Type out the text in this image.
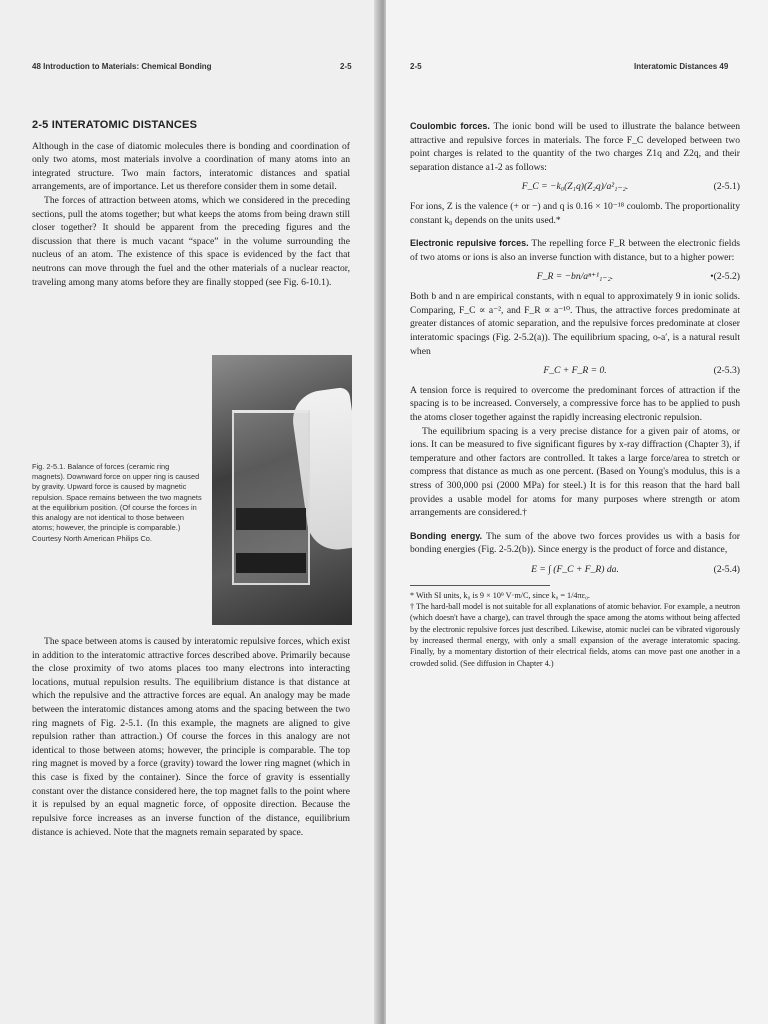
48 Introduction to Materials: Chemical Bonding	2-5
2-5 INTERATOMIC DISTANCES

Although in the case of diatomic molecules there is bonding and coordination of only two atoms, most materials involve a coordination of many atoms into an integrated structure. Two main factors, interatomic distances and spatial arrangements, are of importance. Let us therefore consider them in some detail.

The forces of attraction between atoms, which we considered in the preceding sections, pull the atoms together; but what keeps the atoms from being drawn still closer together? It should be apparent from the preceding figures and the discussion that there is much vacant “space” in the volume surrounding the nucleus of an atom. The existence of this space is evidenced by the fact that neutrons can move through the fuel and the other materials of a nuclear reactor, traveling among many atoms before they are finally stopped (see Fig. 6-10.1).

Fig. 2-5.1. Balance of forces (ceramic ring magnets). Downward force on upper ring is caused by gravity. Upward force is caused by magnetic repulsion. Space remains between the two magnets at the equilibrium position. (Of course the forces in this analogy are not identical to those between atoms; however, the principle is comparable.) Courtesy North American Philips Co.

The space between atoms is caused by interatomic repulsive forces, which exist in addition to the interatomic attractive forces described above. Primarily because the close proximity of two atoms places too many electrons into interacting locations, mutual repulsion results. The equilibrium distance is that distance at which the repulsive and the attractive forces are equal. An analogy may be made between the interatomic distances among atoms and the spacing between the two ring magnets of Fig. 2-5.1. (In this example, the magnets are aligned to give repulsion rather than attraction.) Of course the forces in this analogy are not identical to those between atoms; however, the principle is comparable. The top ring magnet is moved by a force (gravity) toward the lower ring magnet (which in this case is fixed by the container). Since the force of gravity is essentially constant over the distance considered here, the top magnet falls to the point where it is repulsed by an equal magnetic force, of opposite direction. Because the repulsive force increases as an inverse function of the distance, equilibrium distance is achieved. Note that the magnets remain separated by space.

2-5	Interatomic Distances 49

Coulombic forces. The ionic bond will be used to illustrate the balance between attractive and repulsive forces in materials. The force F_C developed between two point charges is related to the quantity of the two charges Z1q and Z2q, and their separation distance a1-2 as follows:

F_C = −k₀(Z₁q)(Z₂q)/a²₁₋₂.	(2-5.1)

For ions, Z is the valence (+ or −) and q is 0.16 × 10⁻¹⁸ coulomb. The proportionality constant k₀ depends on the units used.*

Electronic repulsive forces. The repelling force F_R between the electronic fields of two atoms or ions is also an inverse function with distance, but to a higher power:

F_R = −bn/aⁿ⁺¹₁₋₂.	•(2-5.2)

Both b and n are empirical constants, with n equal to approximately 9 in ionic solids. Comparing, F_C ∝ a⁻², and F_R ∝ a⁻¹⁰. Thus, the attractive forces predominate at greater distances of atomic separation, and the repulsive forces predominate at closer interatomic spacings (Fig. 2-5.2(a)). The equilibrium spacing, o-a′, is a natural result when

F_C + F_R = 0.	(2-5.3)

A tension force is required to overcome the predominant forces of attraction if the spacing is to be increased. Conversely, a compressive force has to be applied to push the atoms closer together against the rapidly increasing electronic repulsion.

The equilibrium spacing is a very precise distance for a given pair of atoms, or ions. It can be measured to five significant figures by x-ray diffraction (Chapter 3), if temperature and other factors are controlled. It takes a large force/area to stretch or compress that distance as much as one percent. (Based on Young's modulus, this is a stress of 300,000 psi (2000 MPa) for steel.) It is for this reason that the hard ball provides a usable model for atoms for many purposes where strength or atom arrangements are considered.†

Bonding energy. The sum of the above two forces provides us with a basis for bonding energies (Fig. 2-5.2(b)). Since energy is the product of force and distance,

E = ∫ (F_C + F_R) da.	(2-5.4)

* With SI units, k₀ is 9 × 10⁹ V·m/C, since k₀ = 1/4πε₀.

† The hard-ball model is not suitable for all explanations of atomic behavior. For example, a neutron (which doesn't have a charge), can travel through the space among the atoms without being affected by the electronic repulsive forces just described. Likewise, atomic nuclei can be vibrated vigorously by increased thermal energy, with only a small expansion of the average interatomic spacing. Finally, by a momentary distortion of their electrical fields, atoms can move past one another in a crowded solid. (See diffusion in Chapter 4.)
